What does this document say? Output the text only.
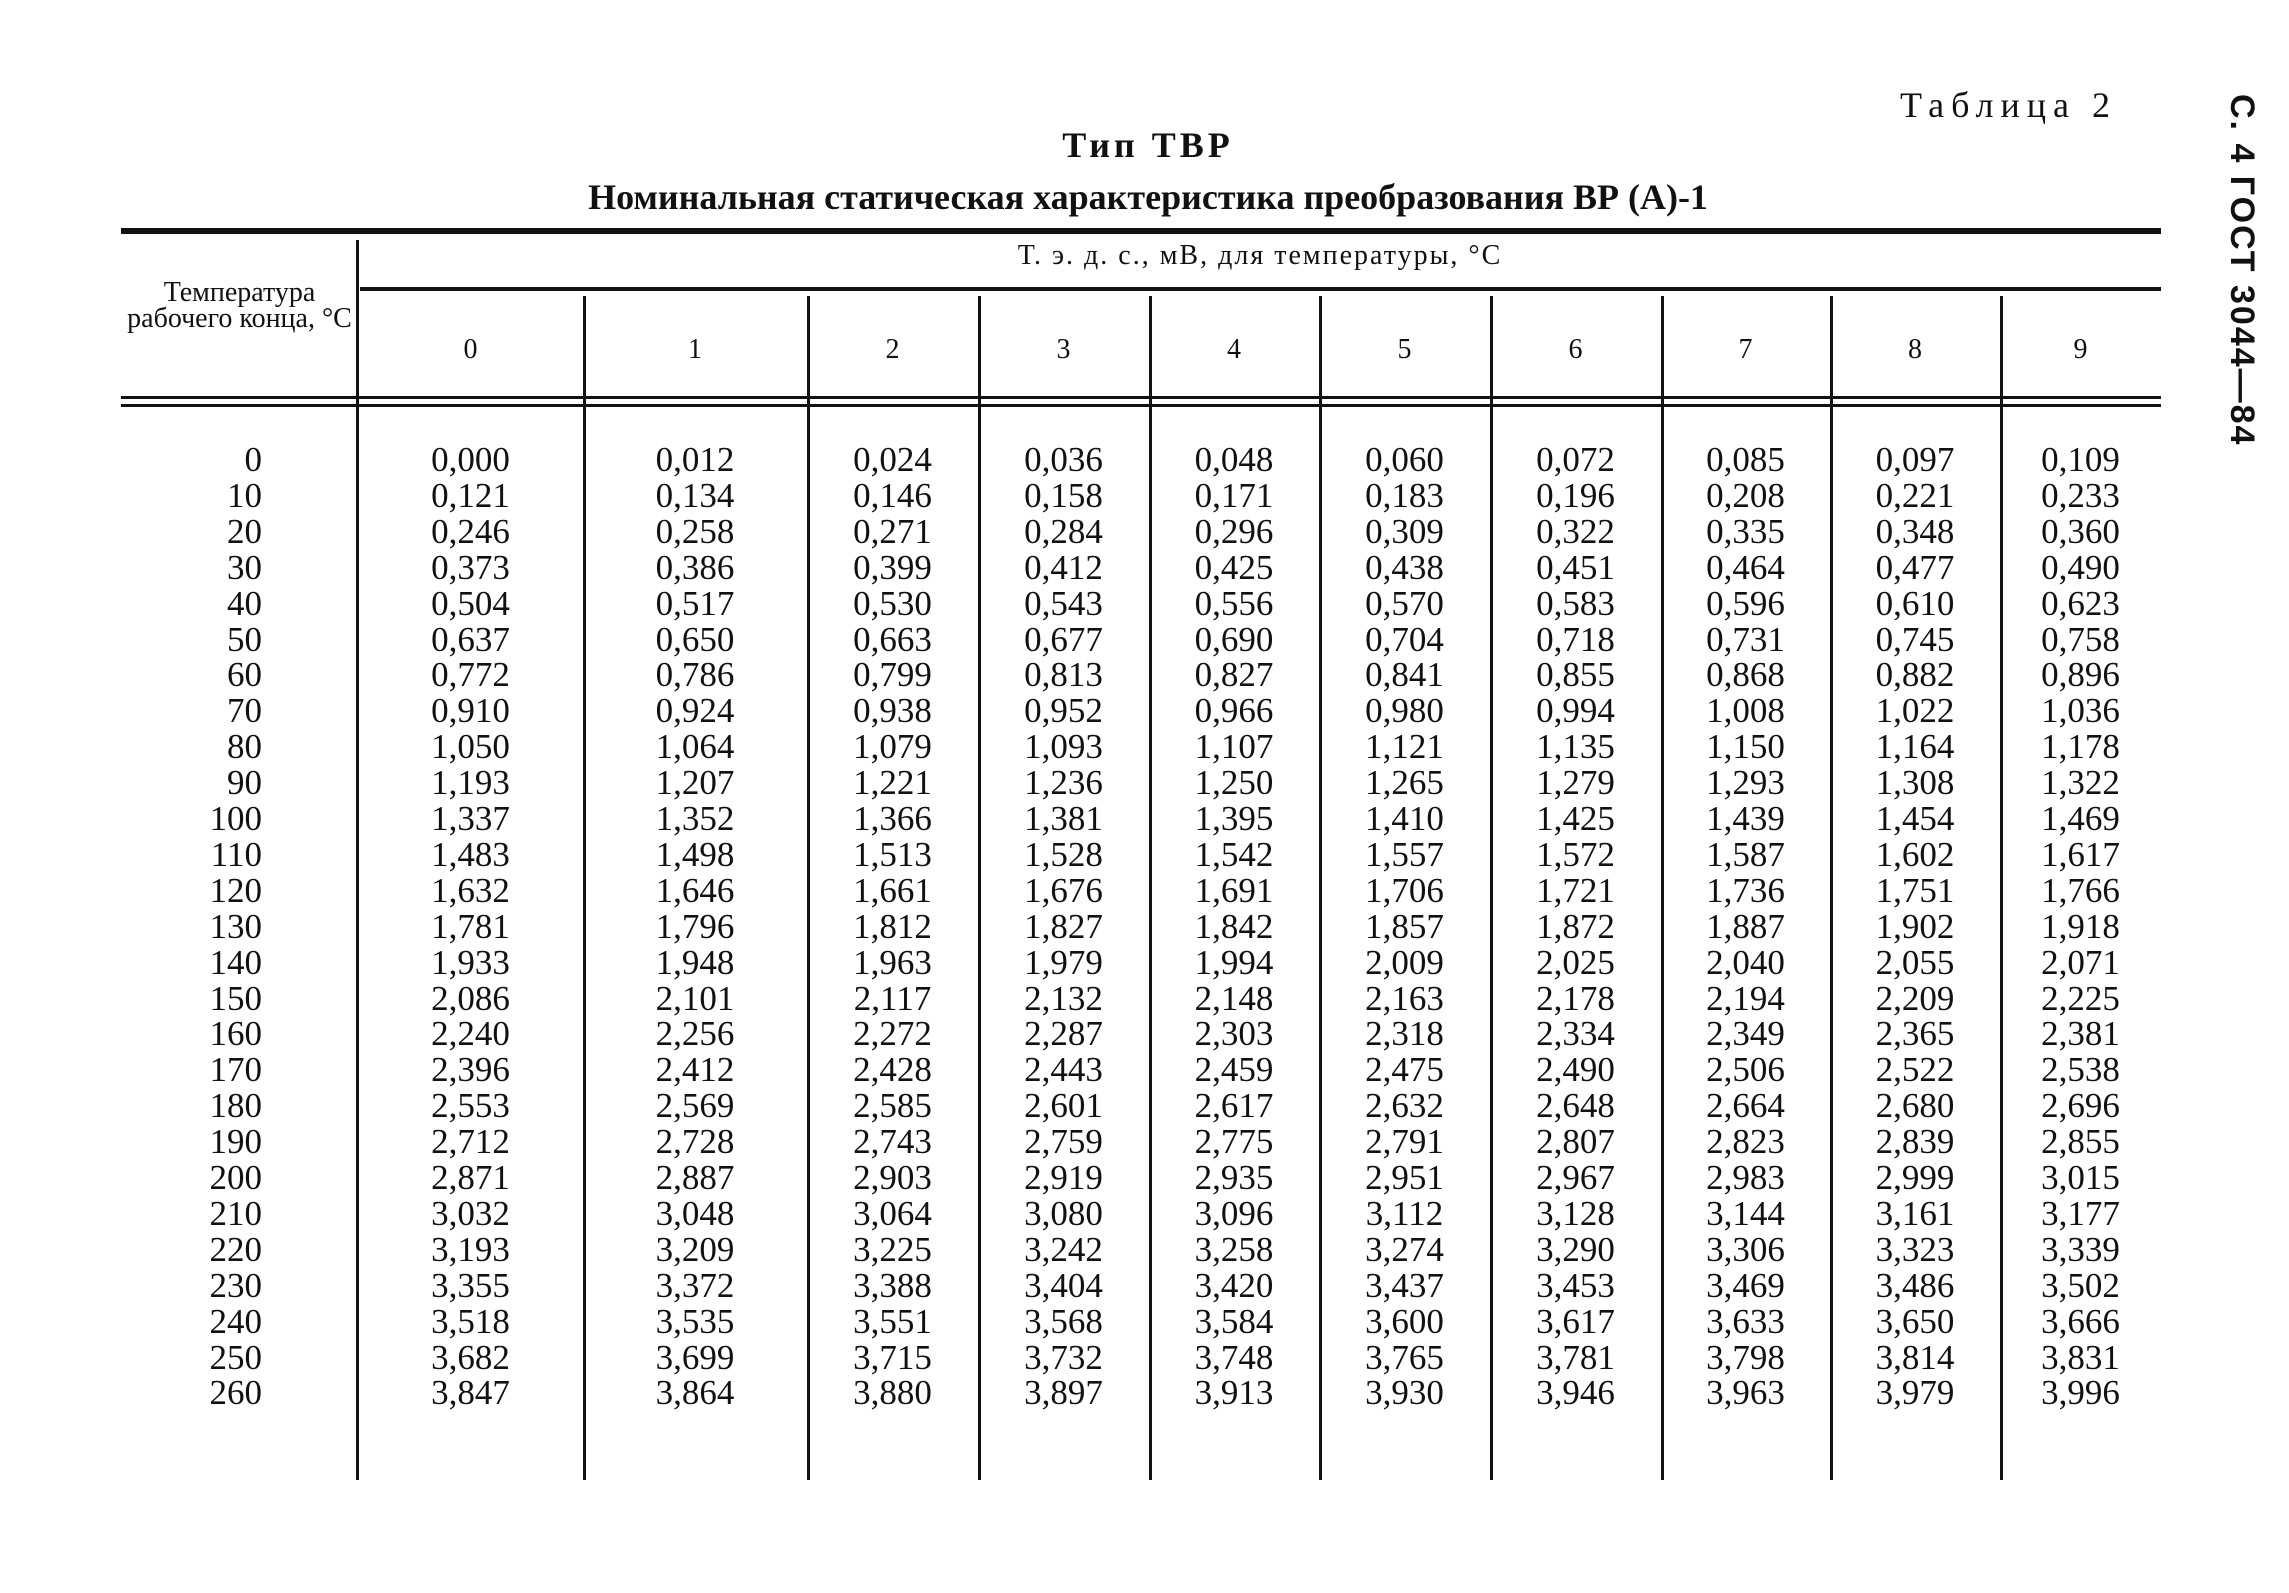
Таблица 2
Тип ТВР
Номинальная статическая характеристика преобразования ВР (А)-1	С. 4 ГОСТ 3044—84
Температура рабочего конца, °С
Т. э. д. с., мВ, для температуры, °С
0	1	2	3	4	5	6	7	8	9
0	0,000	0,012	0,024	0,036	0,048	0,060	0,072	0,085	0,097	0,109
10	0,121	0,134	0,146	0,158	0,171	0,183	0,196	0,208	0,221	0,233
20	0,246	0,258	0,271	0,284	0,296	0,309	0,322	0,335	0,348	0,360
30	0,373	0,386	0,399	0,412	0,425	0,438	0,451	0,464	0,477	0,490
40	0,504	0,517	0,530	0,543	0,556	0,570	0,583	0,596	0,610	0,623
50	0,637	0,650	0,663	0,677	0,690	0,704	0,718	0,731	0,745	0,758
60	0,772	0,786	0,799	0,813	0,827	0,841	0,855	0,868	0,882	0,896
70	0,910	0,924	0,938	0,952	0,966	0,980	0,994	1,008	1,022	1,036
80	1,050	1,064	1,079	1,093	1,107	1,121	1,135	1,150	1,164	1,178
90	1,193	1,207	1,221	1,236	1,250	1,265	1,279	1,293	1,308	1,322
100	1,337	1,352	1,366	1,381	1,395	1,410	1,425	1,439	1,454	1,469
110	1,483	1,498	1,513	1,528	1,542	1,557	1,572	1,587	1,602	1,617
120	1,632	1,646	1,661	1,676	1,691	1,706	1,721	1,736	1,751	1,766
130	1,781	1,796	1,812	1,827	1,842	1,857	1,872	1,887	1,902	1,918
140	1,933	1,948	1,963	1,979	1,994	2,009	2,025	2,040	2,055	2,071
150	2,086	2,101	2,117	2,132	2,148	2,163	2,178	2,194	2,209	2,225
160	2,240	2,256	2,272	2,287	2,303	2,318	2,334	2,349	2,365	2,381
170	2,396	2,412	2,428	2,443	2,459	2,475	2,490	2,506	2,522	2,538
180	2,553	2,569	2,585	2,601	2,617	2,632	2,648	2,664	2,680	2,696
190	2,712	2,728	2,743	2,759	2,775	2,791	2,807	2,823	2,839	2,855
200	2,871	2,887	2,903	2,919	2,935	2,951	2,967	2,983	2,999	3,015
210	3,032	3,048	3,064	3,080	3,096	3,112	3,128	3,144	3,161	3,177
220	3,193	3,209	3,225	3,242	3,258	3,274	3,290	3,306	3,323	3,339
230	3,355	3,372	3,388	3,404	3,420	3,437	3,453	3,469	3,486	3,502
240	3,518	3,535	3,551	3,568	3,584	3,600	3,617	3,633	3,650	3,666
250	3,682	3,699	3,715	3,732	3,748	3,765	3,781	3,798	3,814	3,831
260	3,847	3,864	3,880	3,897	3,913	3,930	3,946	3,963	3,979	3,996
